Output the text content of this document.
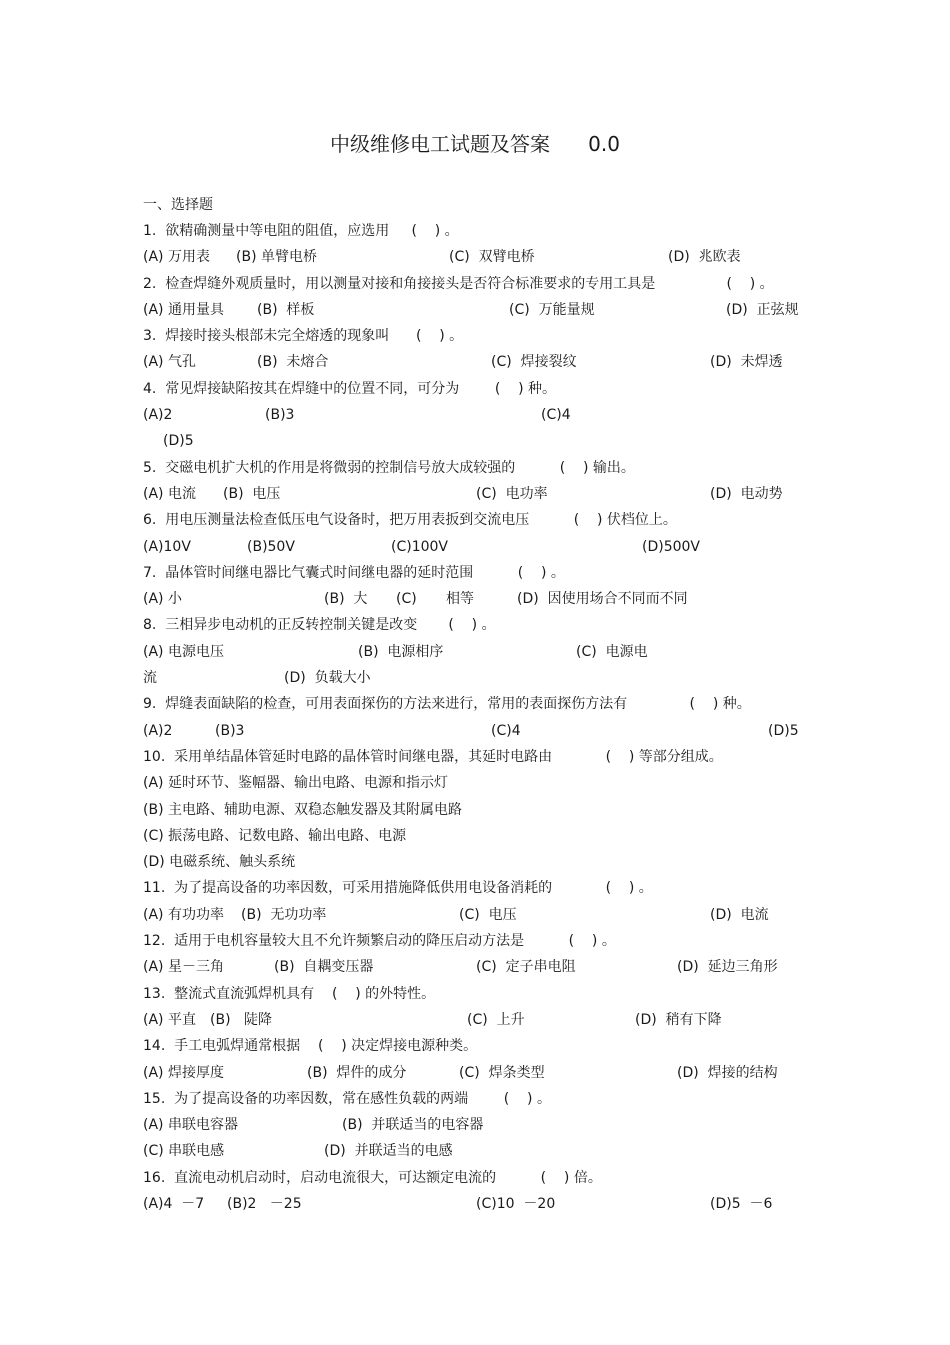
中级维修电工试题及答案      0.0
一、选择题
1.  欲精确测量中等电阻的阻值，应选用     (    ) 。
(A) 万用表 (B) 单臂电桥	(C)  双臂电桥	(D)  兆欧表
2.  检查焊缝外观质量时，用以测量对接和角接接头是否符合标准要求的专用工具是                (    ) 。
(A) 通用量具 (B)  样板	(C)  万能量规	(D)  正弦规
3.  焊接时接头根部未完全熔透的现象叫      (    ) 。
(A) 气孔	(B)  未熔合	(C)  焊接裂纹	(D)  未焊透
4.  常见焊接缺陷按其在焊缝中的位置不同，可分为        (    ) 种。
(A)2	(B)3	(C)4
(D)5
5.  交磁电机扩大机的作用是将微弱的控制信号放大成较强的          (    ) 输出。
(A) 电流 (B)  电压	(C)  电功率	(D)  电动势
6.  用电压测量法检查低压电气设备时，把万用表扳到交流电压          (    ) 伏档位上。
(A)10V	(B)50V	(C)100V	(D)500V
7.  晶体管时间继电器比气囊式时间继电器的延时范围          (    ) 。
(A) 小	(B)  大 (C) 相等	(D)  因使用场合不同而不同
8.  三相异步电动机的正反转控制关键是改变       (    ) 。
(A) 电源电压	(B)  电源相序	(C)  电源电
流	(D)  负载大小
9.  焊缝表面缺陷的检查，可用表面探伤的方法来进行，常用的表面探伤方法有              (    ) 种。
(A)2	(B)3	(C)4	(D)5
10.  采用单结晶体管延时电路的晶体管时间继电器，其延时电路由            (    ) 等部分组成。
(A) 延时环节、鉴幅器、输出电路、电源和指示灯
(B) 主电路、辅助电源、双稳态触发器及其附属电路
(C) 振荡电路、记数电路、输出电路、电源
(D) 电磁系统、触头系统
11.  为了提高设备的功率因数，可采用措施降低供用电设备消耗的            (    ) 。
(A) 有功功率 (B)  无功功率	(C)  电压	(D)  电流
12.  适用于电机容量较大且不允许频繁启动的降压启动方法是          (    ) 。
(A) 星－三角	(B)  自耦变压器	(C)  定子串电阻	(D)  延边三角形
13.  整流式直流弧焊机具有    (    ) 的外特性。
(A) 平直 (B) 陡降	(C)  上升	(D)  稍有下降
14.  手工电弧焊通常根据    (    ) 决定焊接电源种类。
(A) 焊接厚度	(B)  焊件的成分	(C)  焊条类型	(D)  焊接的结构
15.  为了提高设备的功率因数，常在感性负载的两端        (    ) 。
(A) 串联电容器	(B)  并联适当的电容器
(C) 串联电感	(D)  并联适当的电感
16.  直流电动机启动时，启动电流很大，可达额定电流的          (    ) 倍。
(A)4  －7 (B)2   －25	(C)10  －20	(D)5  －6
